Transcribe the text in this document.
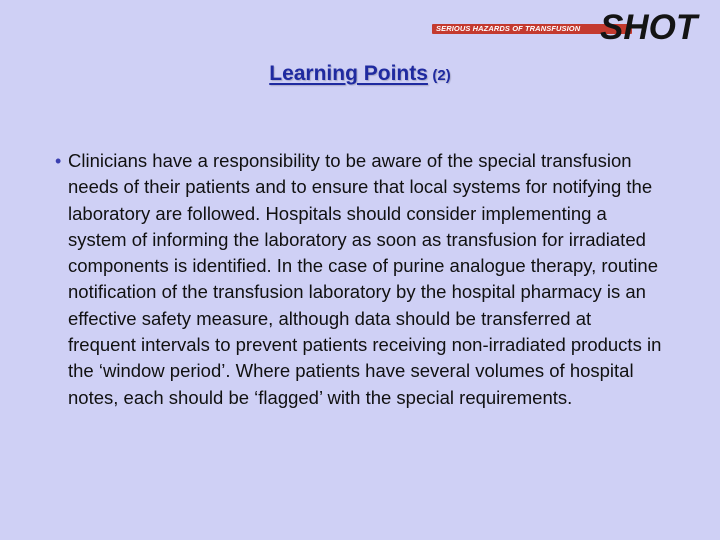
SERIOUS HAZARDS OF TRANSFUSION SHOT
Learning Points (2)
• Clinicians have a responsibility to be aware of the special transfusion needs of their patients and to ensure that local systems for notifying the laboratory are followed. Hospitals should consider implementing a system of informing the laboratory as soon as transfusion for irradiated components is identified. In the case of purine analogue therapy, routine notification of the transfusion laboratory by the hospital pharmacy is an effective safety measure, although data should be transferred at frequent intervals to prevent patients receiving non-irradiated products in the ‘window period’. Where patients have several volumes of hospital notes, each should be ‘flagged’ with the special requirements.
